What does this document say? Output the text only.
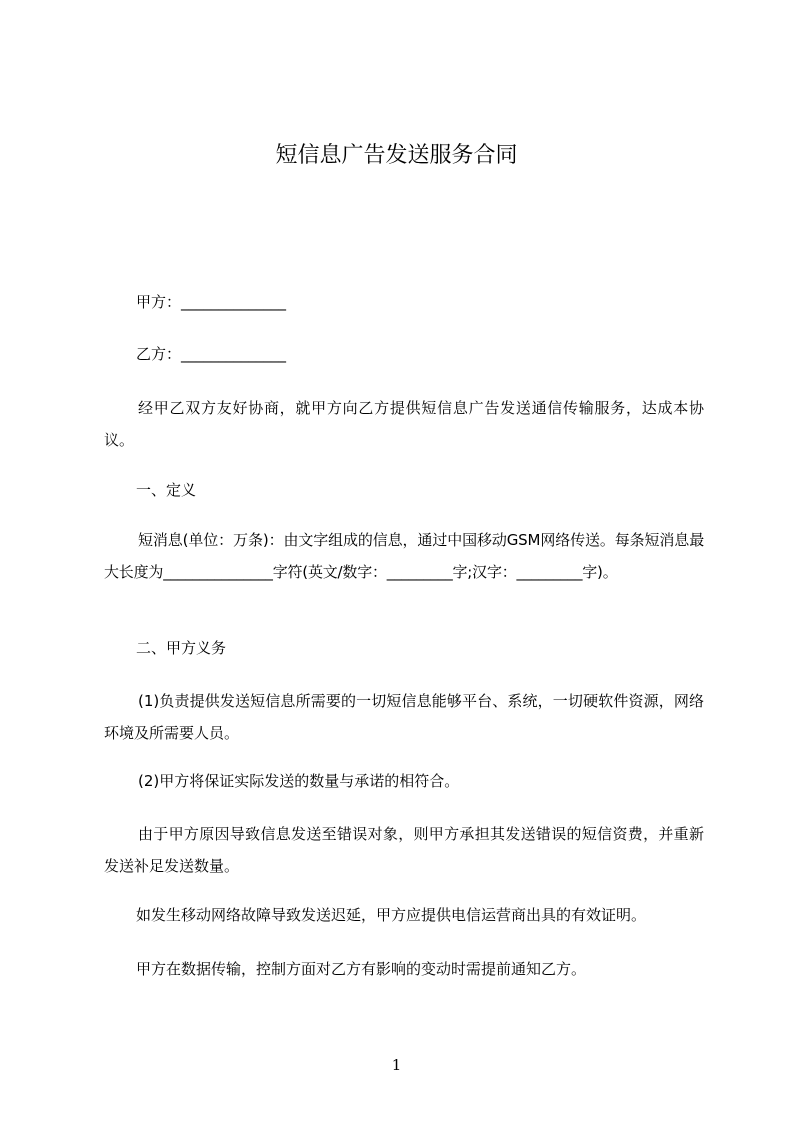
短信息广告发送服务合同
甲方：______________
乙方：______________
经甲乙双方友好协商，就甲方向乙方提供短信息广告发送通信传输服务，达成本协议。
一、定义
短消息(单位：万条)：由文字组成的信息，通过中国移动GSM网络传送。每条短消息最大长度为_______________字符(英文/数字：_________字;汉字：_________字)。
二、甲方义务
(1)负责提供发送短信息所需要的一切短信息能够平台、系统，一切硬软件资源，网络环境及所需要人员。
(2)甲方将保证实际发送的数量与承诺的相符合。
由于甲方原因导致信息发送至错误对象，则甲方承担其发送错误的短信资费，并重新发送补足发送数量。
如发生移动网络故障导致发送迟延，甲方应提供电信运营商出具的有效证明。
甲方在数据传输，控制方面对乙方有影响的变动时需提前通知乙方。
1
